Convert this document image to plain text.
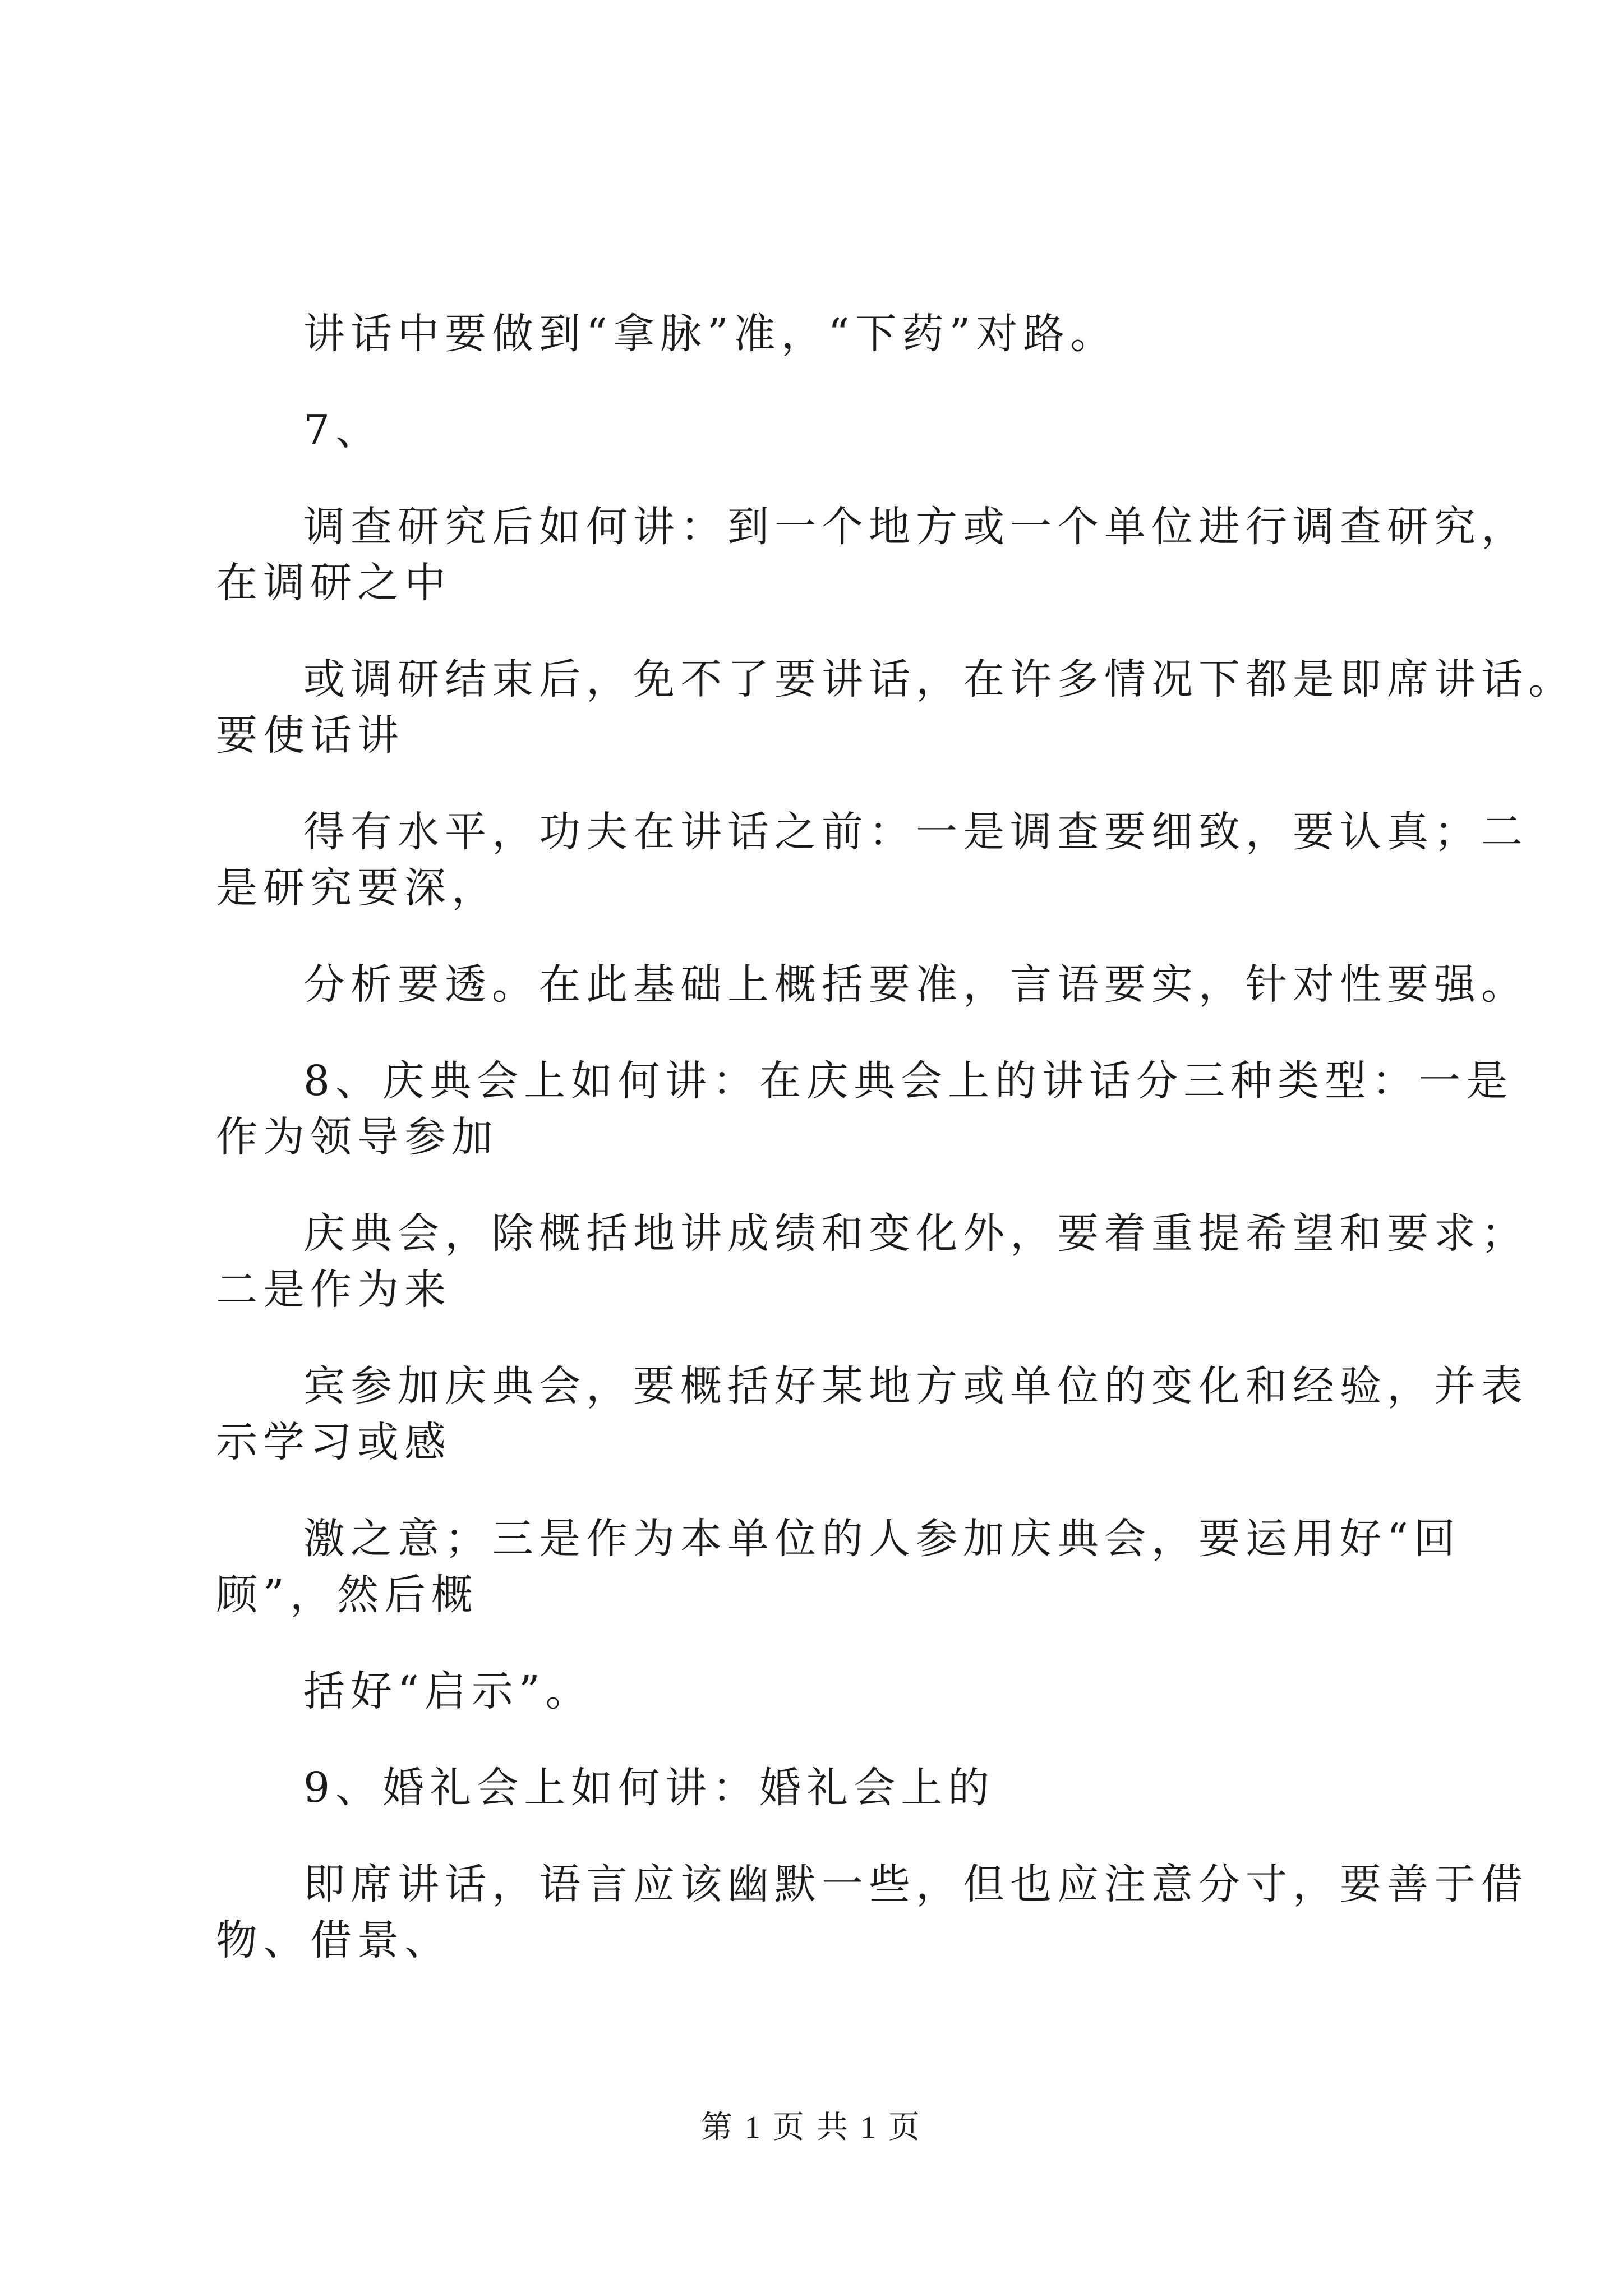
讲话中要做到“拿脉”准，“下药”对路。
7、
调查研究后如何讲：到一个地方或一个单位进行调查研究，
在调研之中
或调研结束后，免不了要讲话，在许多情况下都是即席讲话。
要使话讲
得有水平，功夫在讲话之前：一是调查要细致，要认真；二
是研究要深，
分析要透。在此基础上概括要准，言语要实，针对性要强。
8、庆典会上如何讲：在庆典会上的讲话分三种类型：一是
作为领导参加
庆典会，除概括地讲成绩和变化外，要着重提希望和要求；
二是作为来
宾参加庆典会，要概括好某地方或单位的变化和经验，并表
示学习或感
激之意；三是作为本单位的人参加庆典会，要运用好“回
顾”，然后概
括好“启示”。
9、婚礼会上如何讲：婚礼会上的
即席讲话，语言应该幽默一些，但也应注意分寸，要善于借
物、借景、
第 1 页 共 1 页
